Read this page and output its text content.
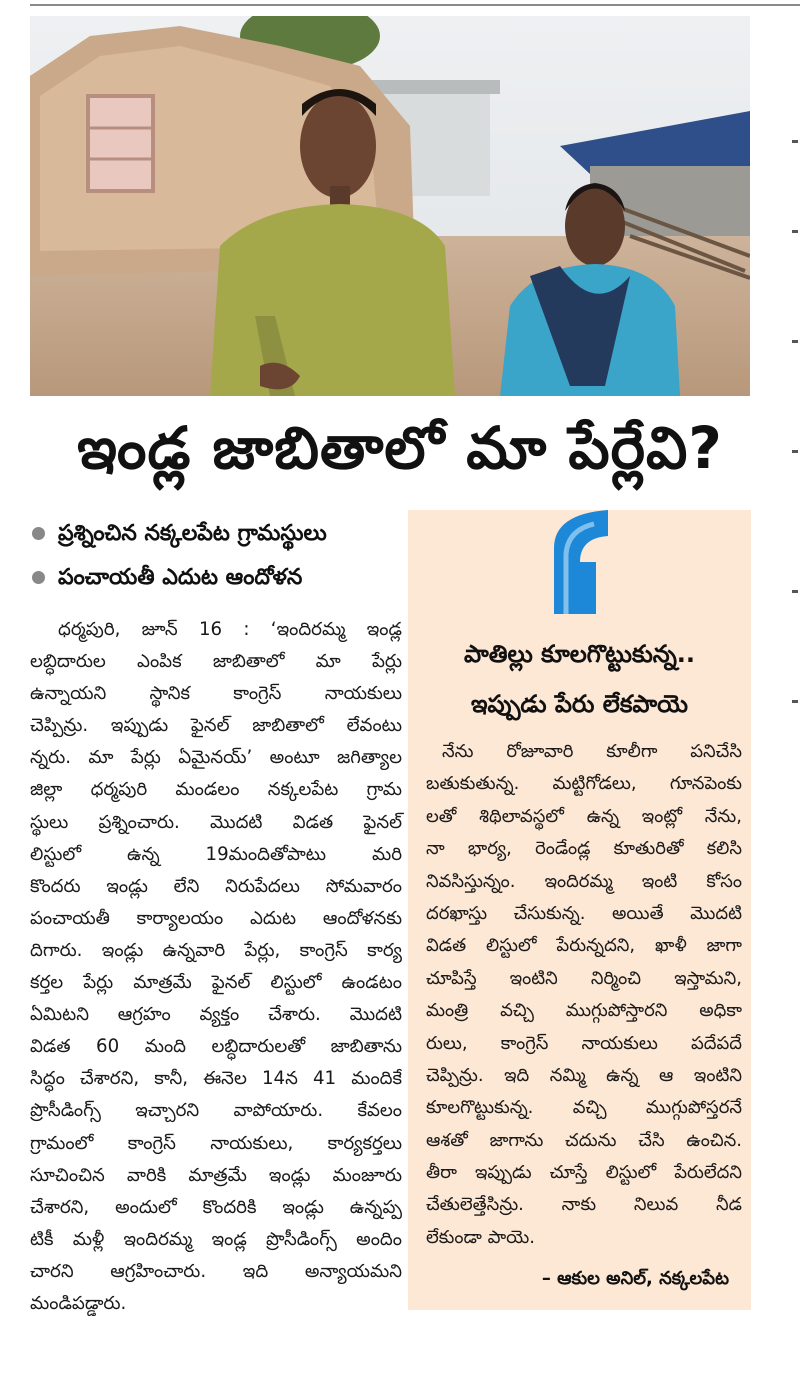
ఇండ్ల జాబితాలో మా పేర్లేవి?
ప్రశ్నించిన నక్కలపేట గ్రామస్థులు
పంచాయతీ ఎదుట ఆందోళన
ధర్మపురి, జూన్ 16 : ‘ఇందిరమ్మ ఇండ్ల
లబ్ధిదారుల ఎంపిక జాబితాలో మా పేర్లు
ఉన్నాయని స్థానిక కాంగ్రెస్ నాయకులు
చెప్పిన్రు. ఇప్పుడు ఫైనల్ జాబితాలో లేవంటు
న్నరు. మా పేర్లు ఏమైనయ్’ అంటూ జగిత్యాల
జిల్లా ధర్మపురి మండలం నక్కలపేట గ్రామ
స్థులు ప్రశ్నించారు. మొదటి విడత ఫైనల్
లిస్టులో ఉన్న 19మందితోపాటు మరి
కొందరు ఇండ్లు లేని నిరుపేదలు సోమవారం
పంచాయతీ కార్యాలయం ఎదుట ఆందోళనకు
దిగారు. ఇండ్లు ఉన్నవారి పేర్లు, కాంగ్రెస్ కార్య
కర్తల పేర్లు మాత్రమే ఫైనల్ లిస్టులో ఉండటం
ఏమిటని ఆగ్రహం వ్యక్తం చేశారు. మొదటి
విడత 60 మంది లబ్ధిదారులతో జాబితాను
సిద్ధం చేశారని, కానీ, ఈనెల 14న 41 మందికే
ప్రొసీడింగ్స్ ఇచ్చారని వాపోయారు. కేవలం
గ్రామంలో కాంగ్రెస్ నాయకులు, కార్యకర్తలు
సూచించిన వారికి మాత్రమే ఇండ్లు మంజూరు
చేశారని, అందులో కొందరికి ఇండ్లు ఉన్నప్ప
టికీ మళ్లీ ఇందిరమ్మ ఇండ్ల ప్రొసీడింగ్స్ అందిం
చారని ఆగ్రహించారు. ఇది అన్యాయమని
మండిపడ్డారు.
పాతిల్లు కూలగొట్టుకున్న..
ఇప్పుడు పేరు లేకపాయె
నేను రోజూవారి కూలీగా పనిచేసి
బతుకుతున్న. మట్టిగోడలు, గూనపెంకు
లతో శిథిలావస్థలో ఉన్న ఇంట్లో నేను,
నా భార్య, రెండేండ్ల కూతురితో కలిసి
నివసిస్తున్నం. ఇందిరమ్మ ఇంటి కోసం
దరఖాస్తు చేసుకున్న. అయితే మొదటి
విడత లిస్టులో పేరున్నదని, ఖాళీ జాగా
చూపిస్తే ఇంటిని నిర్మించి ఇస్తామని,
మంత్రి వచ్చి ముగ్గుపోస్తారని అధికా
రులు, కాంగ్రెస్ నాయకులు పదేపదే
చెప్పిన్రు. ఇది నమ్మి ఉన్న ఆ ఇంటిని
కూలగొట్టుకున్న. వచ్చి ముగ్గుపోస్తరనే
ఆశతో జాగాను చదును చేసి ఉంచిన.
తీరా ఇప్పుడు చూస్తే లిస్టులో పేరులేదని
చేతులెత్తేసిన్రు. నాకు నిలువ నీడ
లేకుండా పాయె.
– ఆకుల అనిల్, నక్కలపేట
